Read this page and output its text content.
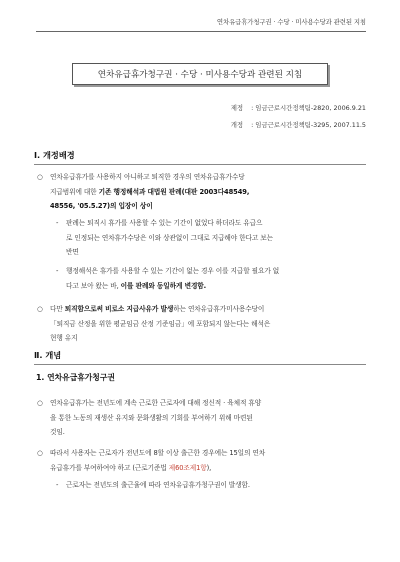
연차유급휴가청구권 · 수당 · 미사용수당과 관련된 지침
연차유급휴가청구권 · 수당 · 미사용수당과 관련된 지침
제정 : 임금근로시간정책팀-2820, 2006.9.21
개정 : 임금근로시간정책팀-3295, 2007.11.5
Ⅰ. 개정배경
○ 연차유급휴가를 사용하지 아니하고 퇴직한 경우의 연차유급휴가수당
지급범위에 대한 기존 행정해석과 대법원 판례(대판 2003다48549,
48556, '05.5.27)의 입장이 상이
- 판례는 퇴직시 휴가를 사용할 수 있는 기간이 없었다 하더라도 유급으
로 인정되는 연차휴가수당은 이와 상관없이 그대로 지급해야 한다고 보는
반면
- 행정해석은 휴가를 사용할 수 있는 기간이 없는 경우 이를 지급할 필요가 없
다고 보아 왔는 바, 이를 판례와 동일하게 변경함.
○ 다만 퇴직함으로써 비로소 지급사유가 발생하는 연차유급휴가미사용수당이
「퇴직금 산정을 위한 평균임금 산정 기준임금」에 포함되지 않는다는 해석은
현행 유지
Ⅱ. 개념
1. 연차유급휴가청구권
○ 연차유급휴가는 전년도에 계속 근로한 근로자에 대해 정신적 · 육체적 휴양
을 통한 노동의 재생산 유지와 문화생활의 기회를 부여하기 위해 마련된
것임.
○ 따라서 사용자는 근로자가 전년도에 8할 이상 출근한 경우에는 15일의 연차
유급휴가를 부여하여야 하고 (근로기준법 제60조제1항),
- 근로자는 전년도의 출근율에 따라 연차유급휴가청구권이 발생함.
